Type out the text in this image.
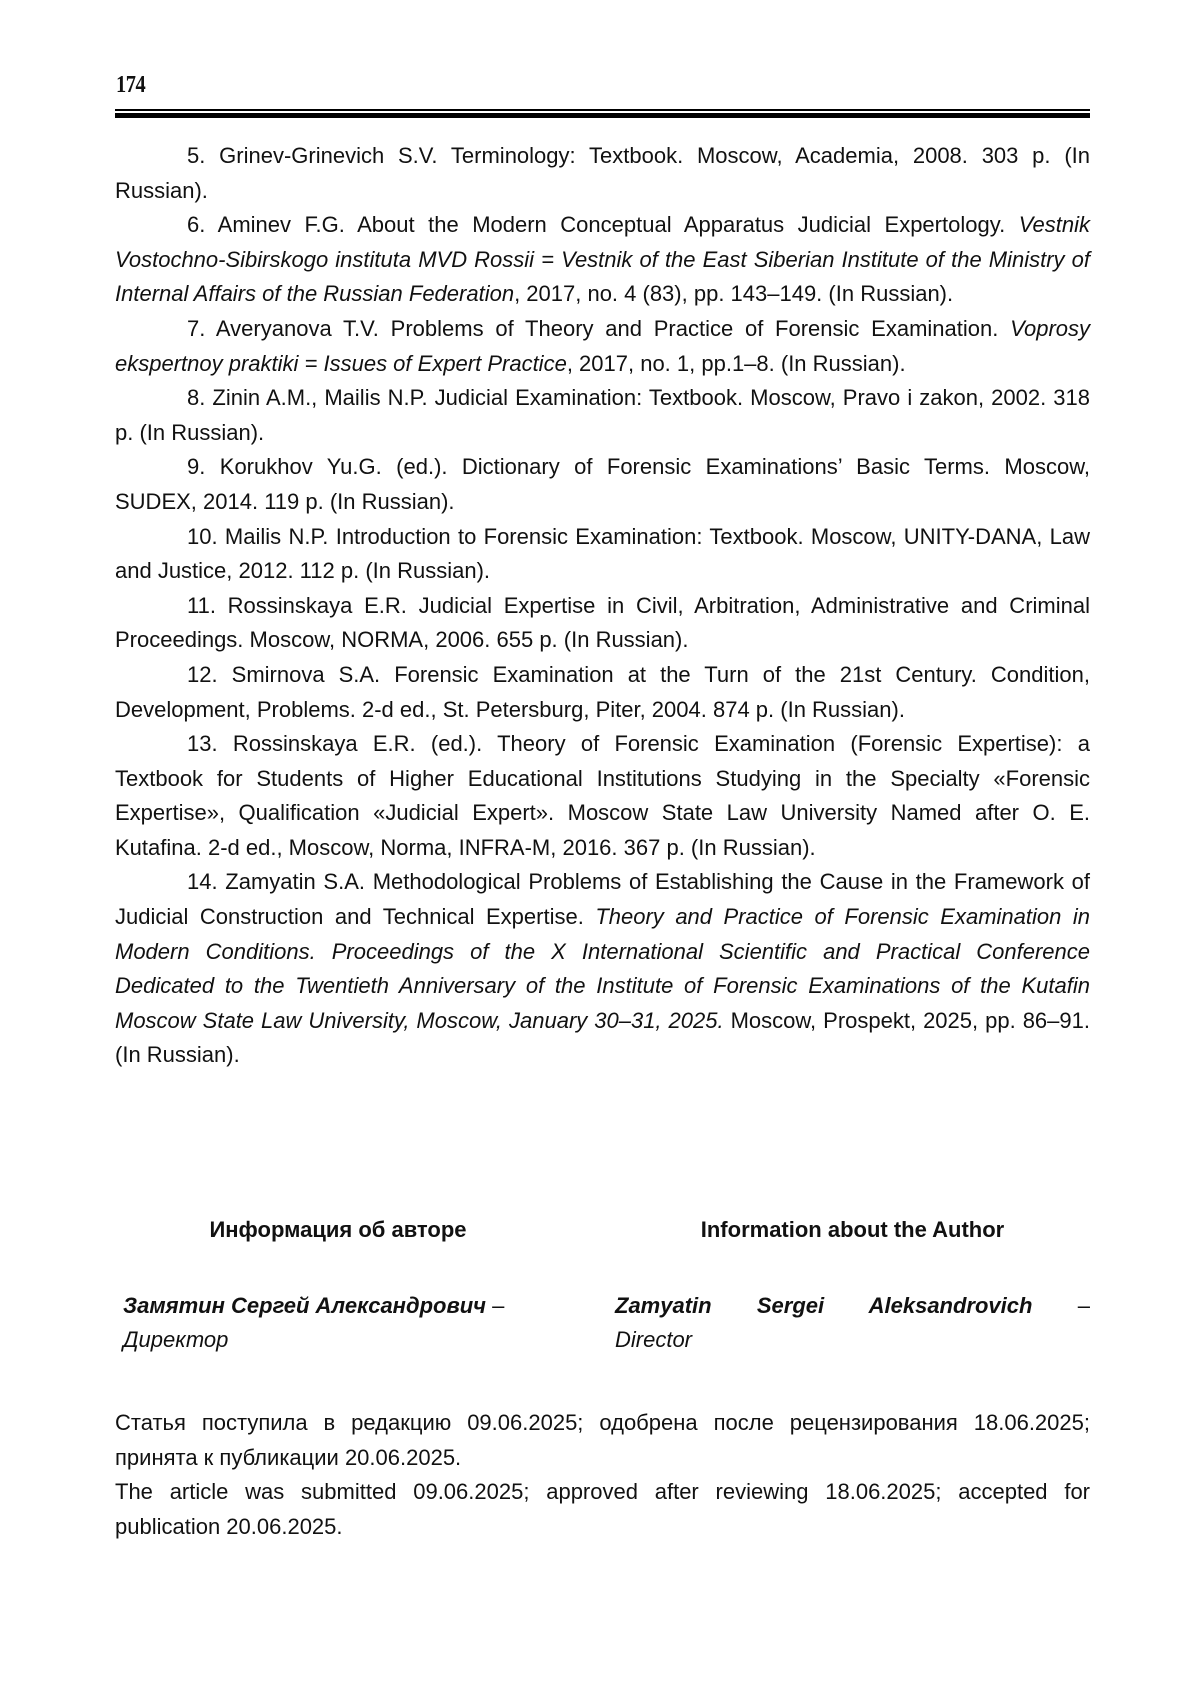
174

5. Grinev-Grinevich S.V. Terminology: Textbook. Moscow, Academia, 2008. 303 p. (In Russian).

6. Aminev F.G. About the Modern Conceptual Apparatus Judicial Expertology. Vestnik Vostochno-Sibirskogo instituta MVD Rossii = Vestnik of the East Siberian Institute of the Ministry of Internal Affairs of the Russian Federation, 2017, no. 4 (83), pp. 143–149. (In Russian).

7. Averyanova T.V. Problems of Theory and Practice of Forensic Examination. Voprosy ekspertnoy praktiki = Issues of Expert Practice, 2017, no. 1, pp.1–8. (In Russian).

8. Zinin A.M., Mailis N.P. Judicial Examination: Textbook. Moscow, Pravo i zakon, 2002. 318 p. (In Russian).

9. Korukhov Yu.G. (ed.). Dictionary of Forensic Examinations’ Basic Terms. Moscow, SUDEX, 2014. 119 p. (In Russian).

10. Mailis N.P. Introduction to Forensic Examination: Textbook. Moscow, UNITY-DANA, Law and Justice, 2012. 112 p. (In Russian).

11. Rossinskaya E.R. Judicial Expertise in Civil, Arbitration, Administrative and Criminal Proceedings. Moscow, NORMA, 2006. 655 p. (In Russian).

12. Smirnova S.A. Forensic Examination at the Turn of the 21st Century. Condition, Development, Problems. 2-d ed., St. Petersburg, Piter, 2004. 874 p. (In Russian).

13. Rossinskaya E.R. (ed.). Theory of Forensic Examination (Forensic Expertise): a Textbook for Students of Higher Educational Institutions Studying in the Specialty «Forensic Expertise», Qualification «Judicial Expert». Moscow State Law University Named after O. E. Kutafina. 2-d ed., Moscow, Norma, INFRA-M, 2016. 367 p. (In Russian).

14. Zamyatin S.A. Methodological Problems of Establishing the Cause in the Framework of Judicial Construction and Technical Expertise. Theory and Practice of Forensic Examination in Modern Conditions. Proceedings of the X International Scientific and Practical Conference Dedicated to the Twentieth Anniversary of the Institute of Forensic Examinations of the Kutafin Moscow State Law University, Moscow, January 30–31, 2025. Moscow, Prospekt, 2025, pp. 86–91. (In Russian).

Информация об авторе
Замятин Сергей Александрович –
Директор
Information about the Author
Zamyatin Sergei Aleksandrovich –
Director

Статья поступила в редакцию 09.06.2025; одобрена после рецензирования 18.06.2025; принята к публикации 20.06.2025.

The article was submitted 09.06.2025; approved after reviewing 18.06.2025; accepted for publication 20.06.2025.
